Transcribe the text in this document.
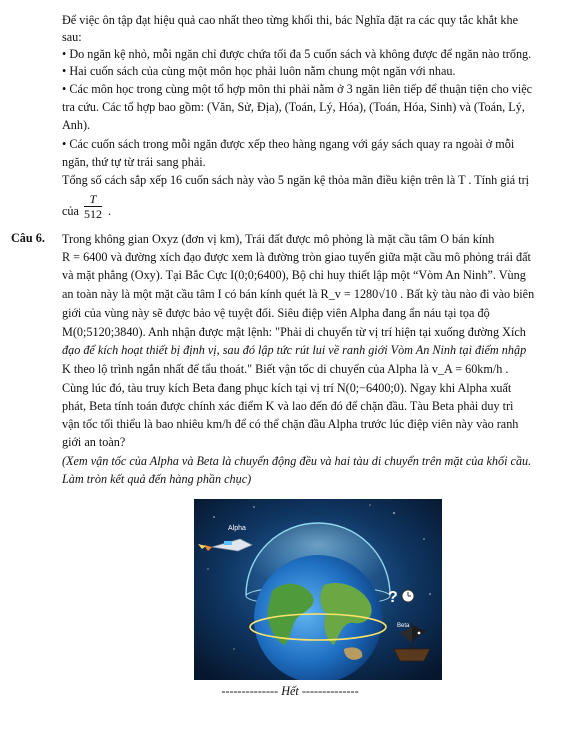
Để việc ôn tập đạt hiệu quả cao nhất theo từng khối thi, bác Nghĩa đặt ra các quy tắc khắt khe
sau:
• Do ngăn kệ nhỏ, mỗi ngăn chỉ được chứa tối đa 5 cuốn sách và không được để ngăn nào trống.
• Hai cuốn sách của cùng một môn học phải luôn nằm chung một ngăn với nhau.
• Các môn học trong cùng một tổ hợp môn thi phải nằm ở 3 ngăn liên tiếp để thuận tiện cho việc
tra cứu. Các tổ hợp bao gồm: (Văn, Sử, Địa), (Toán, Lý, Hóa), (Toán, Hóa, Sinh) và (Toán, Lý,
Anh).
• Các cuốn sách trong mỗi ngăn được xếp theo hàng ngang với gáy sách quay ra ngoài ở mỗi
ngăn, thứ tự từ trái sang phải.
Tổng số cách sắp xếp 16 cuốn sách này vào 5 ngăn kệ thỏa mãn điều kiện trên là T . Tính giá trị
của $\frac{T}{512}$ .
Câu 6. Trong không gian Oxyz (đơn vị km), Trái đất được mô phỏng là mặt cầu tâm O bán kính
R = 6400 và đường xích đạo được xem là đường tròn giao tuyến giữa mặt cầu mô phỏng trái đất
và mặt phẳng (Oxy). Tại Bắc Cực I(0;0;6400), Bộ chỉ huy thiết lập một “Vòm An Ninh”. Vùng
an toàn này là một mặt cầu tâm I có bán kính quét là R_v = 1280√10 . Bất kỳ tàu nào đi vào biên
giới của vùng này sẽ được bảo vệ tuyệt đối. Siêu điệp viên Alpha đang ẩn náu tại tọa độ
M(0;5120;3840). Anh nhận được mật lệnh: "Phải di chuyển từ vị trí hiện tại xuống đường Xích
đạo để kích hoạt thiết bị định vị, sau đó lập tức rút lui về ranh giới Vòm An Ninh tại điểm nhập
K theo lộ trình ngắn nhất để tẩu thoát." Biết vận tốc di chuyển của Alpha là v_A = 60km/h .
Cùng lúc đó, tàu truy kích Beta đang phục kích tại vị trí N(0;−6400;0). Ngay khi Alpha xuất
phát, Beta tính toán được chính xác điểm K và lao đến đó để chặn đầu. Tàu Beta phải duy trì
vận tốc tối thiểu là bao nhiêu km/h để có thể chặn đầu Alpha trước lúc điệp viên này vào ranh
giới an toàn?
(Xem vận tốc của Alpha và Beta là chuyển động đều và hai tàu di chuyển trên mặt của khối cầu.
Làm tròn kết quả đến hàng phần chục)
Alpha
?
Beta
-------------- Hết --------------
